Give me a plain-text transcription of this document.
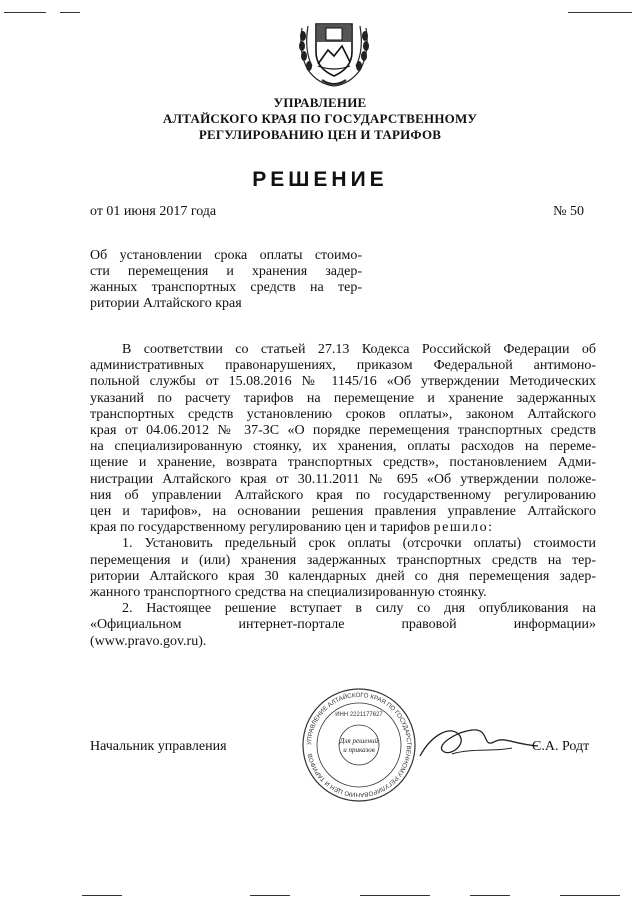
УПРАВЛЕНИЕ
АЛТАЙСКОГО КРАЯ ПО ГОСУДАРСТВЕННОМУ
РЕГУЛИРОВАНИЮ ЦЕН И ТАРИФОВ
РЕШЕНИЕ
от 01 июня 2017 года	№ 50
Об установлении срока оплаты стоимо-
сти перемещения и хранения задер-
жанных транспортных средств на тер-
ритории Алтайского края
В соответствии со статьей 27.13 Кодекса Российской Федерации об
административных правонарушениях, приказом Федеральной антимоно-
польной службы от 15.08.2016 № 1145/16 «Об утверждении Методических
указаний по расчету тарифов на перемещение и хранение задержанных
транспортных средств установлению сроков оплаты», законом Алтайского
края от 04.06.2012 № 37-ЗС «О порядке перемещения транспортных средств
на специализированную стоянку, их хранения, оплаты расходов на переме-
щение и хранение, возврата транспортных средств», постановлением Адми-
нистрации Алтайского края от 30.11.2011 № 695 «Об утверждении положе-
ния об управлении Алтайского края по государственному регулированию
цен и тарифов», на основании решения правления управление Алтайского
края по государственному регулированию цен и тарифов решило:
1. Установить предельный срок оплаты (отсрочки оплаты) стоимости
перемещения и (или) хранения задержанных транспортных средств на тер-
ритории Алтайского края 30 календарных дней со дня перемещения задер-
жанного транспортного средства на специализированную стоянку.
2. Настоящее решение вступает в силу со дня опубликования на
«Официальном интернет-портале правовой информации»
(www.pravo.gov.ru).
Начальник управления	УПРАВЛЕНИЕ АЛТАЙСКОГО КРАЯ ПО ГОСУДАРСТВЕННОМУ РЕГУЛИРОВАНИЮ ЦЕН И ТАРИФОВ
ИНН 2221177627
Для решений
и приказов	С.А. Родт
